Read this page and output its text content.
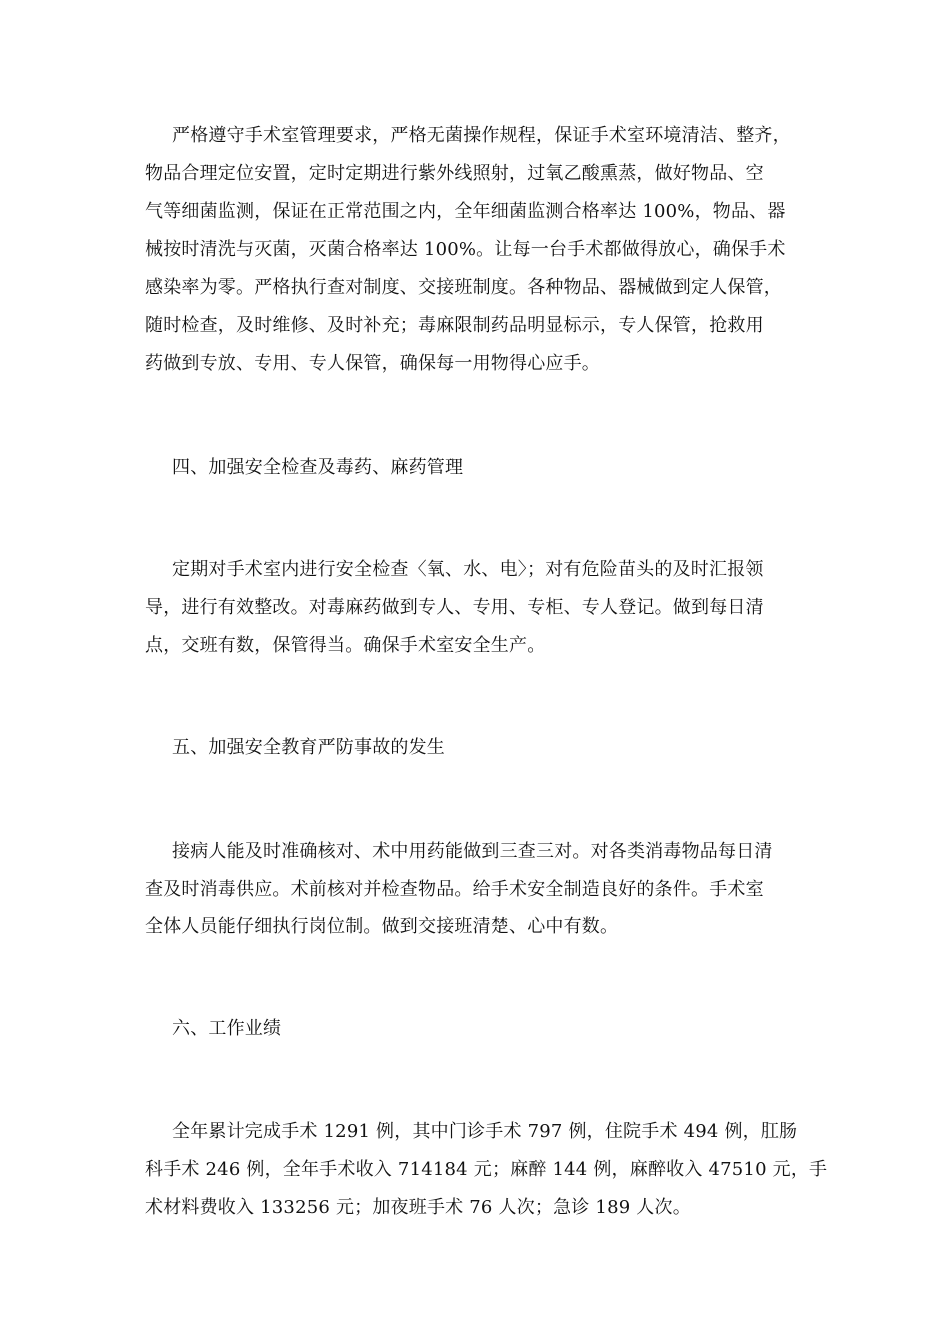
严格遵守手术室管理要求，严格无菌操作规程，保证手术室环境清洁、整齐，
物品合理定位安置，定时定期进行紫外线照射，过氧乙酸熏蒸，做好物品、空
气等细菌监测，保证在正常范围之内，全年细菌监测合格率达 100%，物品、器
械按时清洗与灭菌，灭菌合格率达 100%。让每一台手术都做得放心，确保手术
感染率为零。严格执行查对制度、交接班制度。各种物品、器械做到定人保管，
随时检查，及时维修、及时补充；毒麻限制药品明显标示，专人保管，抢救用
药做到专放、专用、专人保管，确保每一用物得心应手。
四、加强安全检查及毒药、麻药管理
定期对手术室内进行安全检查〈氧、水、电〉；对有危险苗头的及时汇报领
导，进行有效整改。对毒麻药做到专人、专用、专柜、专人登记。做到每日清
点，交班有数，保管得当。确保手术室安全生产。
五、加强安全教育严防事故的发生
接病人能及时准确核对、术中用药能做到三查三对。对各类消毒物品每日清
查及时消毒供应。术前核对并检查物品。给手术安全制造良好的条件。手术室
全体人员能仔细执行岗位制。做到交接班清楚、心中有数。
六、工作业绩
全年累计完成手术 1291 例，其中门诊手术 797 例，住院手术 494 例，肛肠
科手术 246 例，全年手术收入 714184 元；麻醉 144 例，麻醉收入 47510 元，手
术材料费收入 133256 元；加夜班手术 76 人次；急诊 189 人次。
